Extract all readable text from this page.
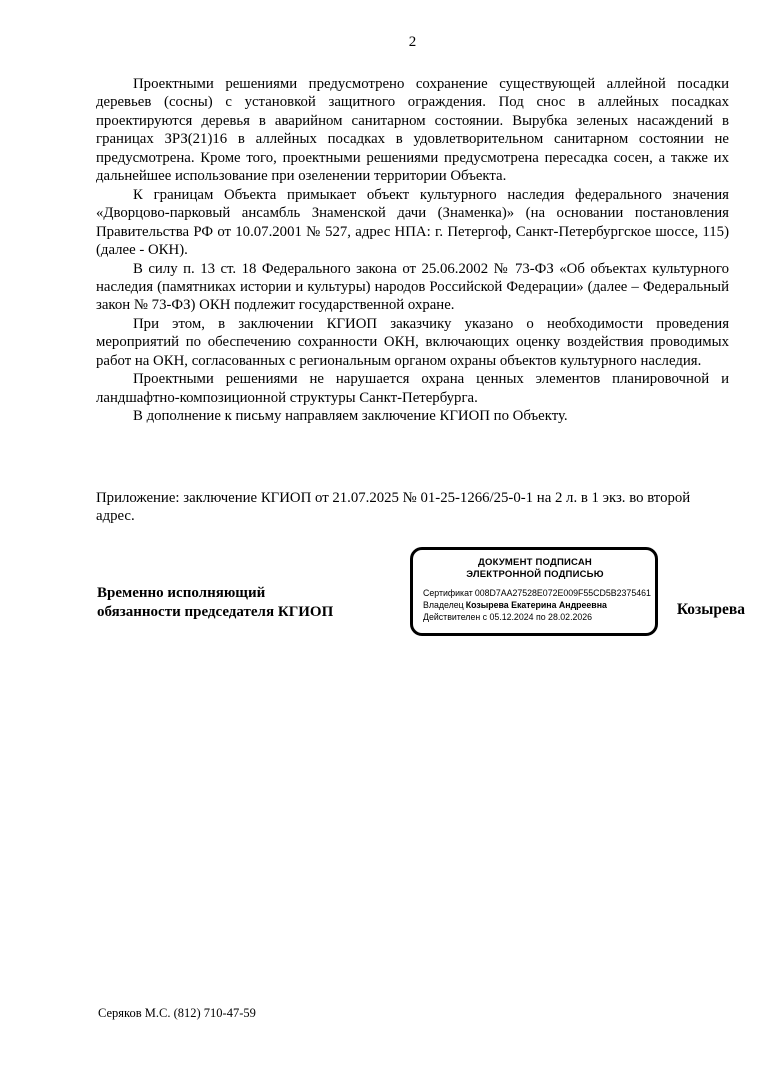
2

Проектными решениями предусмотрено сохранение существующей аллейной посадки деревьев (сосны) с установкой защитного ограждения. Под снос в аллейных посадках проектируются деревья в аварийном санитарном состоянии. Вырубка зеленых насаждений в границах ЗРЗ(21)16 в аллейных посадках в удовлетворительном санитарном состоянии не предусмотрена. Кроме того, проектными решениями предусмотрена пересадка сосен, а также их дальнейшее использование при озеленении территории Объекта.

К границам Объекта примыкает объект культурного наследия федерального значения «Дворцово-парковый ансамбль Знаменской дачи (Знаменка)» (на основании постановления Правительства РФ от 10.07.2001 № 527, адрес НПА: г. Петергоф, Санкт-Петербургское шоссе, 115) (далее - ОКН).

В силу п. 13 ст. 18 Федерального закона от 25.06.2002 № 73-ФЗ «Об объектах культурного наследия (памятниках истории и культуры) народов Российской Федерации» (далее – Федеральный закон № 73-ФЗ) ОКН подлежит государственной охране.

При этом, в заключении КГИОП заказчику указано о необходимости проведения мероприятий по обеспечению сохранности ОКН, включающих оценку воздействия проводимых работ на ОКН, согласованных с региональным органом охраны объектов культурного наследия.

Проектными решениями не нарушается охрана ценных элементов планировочной и ландшафтно-композиционной структуры Санкт-Петербурга.

В дополнение к письму направляем заключение КГИОП по Объекту.

Приложение: заключение КГИОП от 21.07.2025 № 01-25-1266/25-0-1 на 2 л. в 1 экз. во второй адрес.
Временно исполняющий
обязанности председателя КГИОП
ДОКУМЕНТ ПОДПИСАН
ЭЛЕКТРОННОЙ ПОДПИСЬЮ
Сертификат 008D7AA27528E072E009F55CD5B2375461
Владелец Козырева Екатерина Андреевна
Действителен с 05.12.2024 по 28.02.2026	Козырева
Серяков М.С. (812) 710-47-59
